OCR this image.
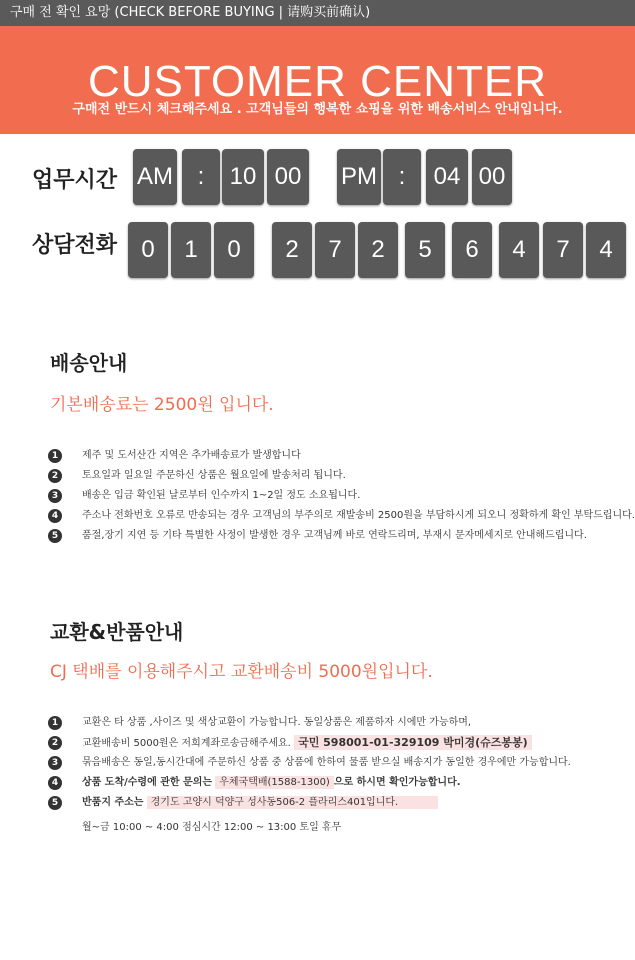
구매 전 확인 요망 (CHECK BEFORE BUYING | 请购买前确认)
CUSTOMER CENTER
구매전 반드시 체크해주세요 . 고객님들의 행복한 쇼핑을 위한 배송서비스 안내입니다.
업무시간 AM	:	10 00	PM :	04 00
상담전화	0	1	0	2	7	2	5	6	4	7	4
배송안내
기본배송료는 2500원 입니다.
1	제주 및 도서산간 지역은 추가배송료가 발생합니다
2	토요일과 일요일 주문하신 상품은 월요일에 발송처리 됩니다.
3	배송은 입금 확인된 날로부터 인수까지 1~2일 정도 소요됩니다.
4	주소나 전화번호 오류로 반송되는 경우 고객님의 부주의로 재발송비 2500원을 부담하시게 되오니 정확하게 확인 부탁드립니다.
5	품절,장기 지연 등 기타 특별한 사정이 발생한 경우 고객님께 바로 연락드리며, 부재시 문자메세지로 안내해드립니다.
교환&반품안내
CJ 택배를 이용해주시고 교환배송비 5000원입니다.
1	교환은 타 상품 ,사이즈 및 색상교환이 가능합니다. 동일상품은 제품하자 시에만 가능하며,
2	교환배송비 5000원은 저희계좌로송금해주세요. 국민 598001-01-329109 박미경(슈즈봉봉)
3	묶음배송은 동일,동시간대에 주문하신 상품 중 상품에 한하여 물품 받으실 배송지가 동일한 경우에만 가능합니다.
4	상품 도착/수령에 관한 문의는 우체국택배(1588-1300) 으로 하시면 확인가능합니다.
5	반품지 주소는 경기도 고양시 덕양구 성사동506-2 플라리스401입니다.
월~금 10:00 ~ 4:00 점심시간 12:00 ~ 13:00 토일 휴무
